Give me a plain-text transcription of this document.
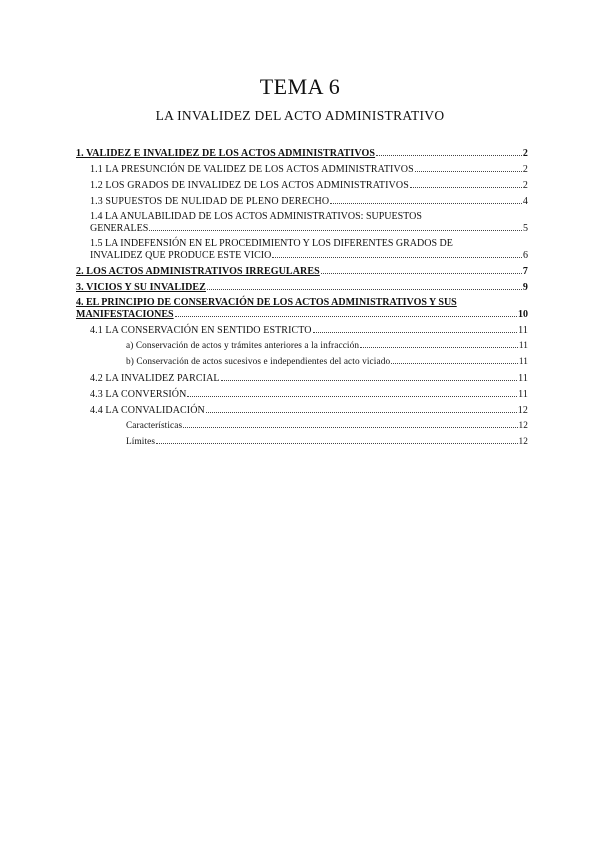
TEMA 6
LA INVALIDEZ DEL ACTO ADMINISTRATIVO
1. VALIDEZ E INVALIDEZ DE LOS ACTOS ADMINISTRATIVOS	2
1.1 LA PRESUNCIÓN DE VALIDEZ DE LOS ACTOS ADMINISTRATIVOS	2
1.2 LOS GRADOS DE INVALIDEZ DE LOS ACTOS ADMINISTRATIVOS	2
1.3 SUPUESTOS DE NULIDAD DE PLENO DERECHO	4
1.4 LA ANULABILIDAD DE LOS ACTOS ADMINISTRATIVOS: SUPUESTOS
GENERALES	5
1.5 LA INDEFENSIÓN EN EL PROCEDIMIENTO Y LOS DIFERENTES GRADOS DE
INVALIDEZ QUE PRODUCE ESTE VICIO	6
2. LOS ACTOS ADMINISTRATIVOS IRREGULARES	7
3. VICIOS Y SU INVALIDEZ	9
4. EL PRINCIPIO DE CONSERVACIÓN DE LOS ACTOS ADMINISTRATIVOS Y SUS
MANIFESTACIONES	10
4.1 LA CONSERVACIÓN EN SENTIDO ESTRICTO	11
a) Conservación de actos y trámites anteriores a la infracción	11
b) Conservación de actos sucesivos e independientes del acto viciado	11
4.2 LA INVALIDEZ PARCIAL	11
4.3 LA CONVERSIÓN	11
4.4 LA CONVALIDACIÓN	12
Características	12
Límites	12
